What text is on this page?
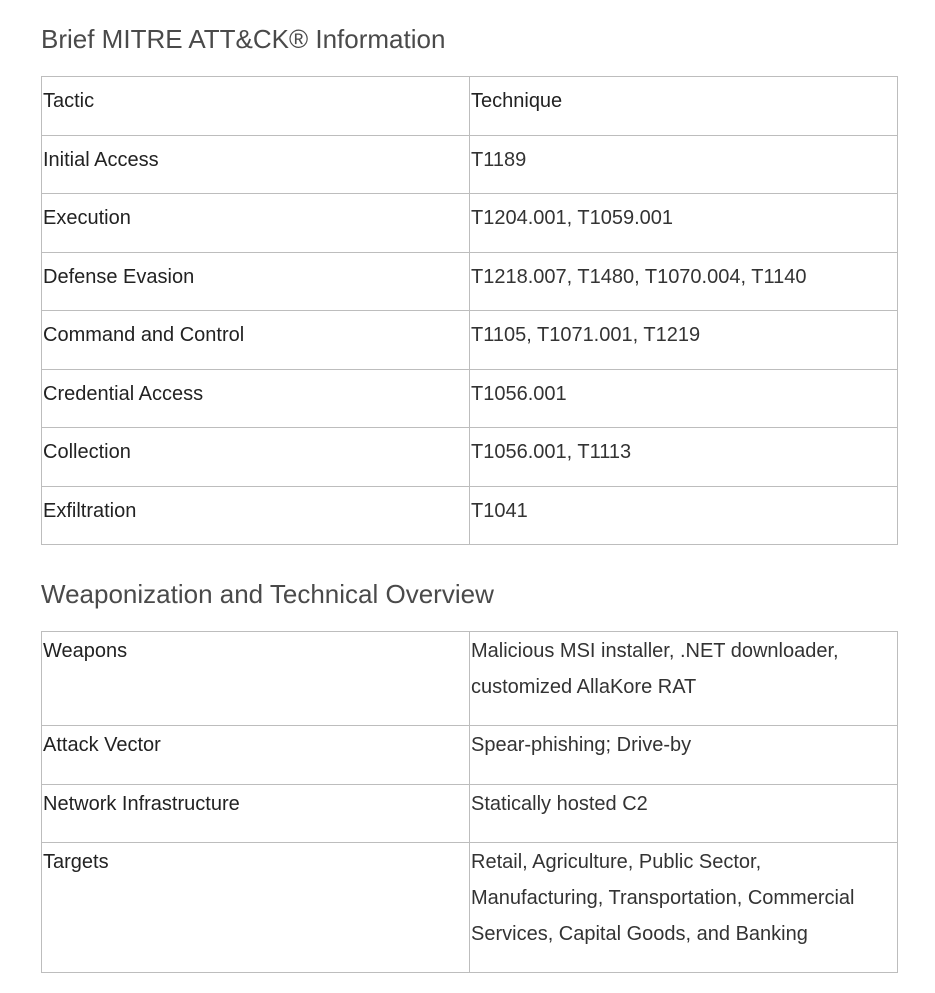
Brief MITRE ATT&CK® Information
Tactic	Technique
Initial Access	T1189
Execution	T1204.001, T1059.001
Defense Evasion	T1218.007, T1480, T1070.004, T1140
Command and Control	T1105, T1071.001, T1219
Credential Access	T1056.001
Collection	T1056.001, T1113
Exfiltration	T1041
Weaponization and Technical Overview
Weapons	Malicious MSI installer, .NET downloader, customized AllaKore RAT
Attack Vector	Spear-phishing; Drive-by
Network Infrastructure	Statically hosted C2
Targets	Retail, Agriculture, Public Sector, Manufacturing, Transportation, Commercial Services, Capital Goods, and Banking
